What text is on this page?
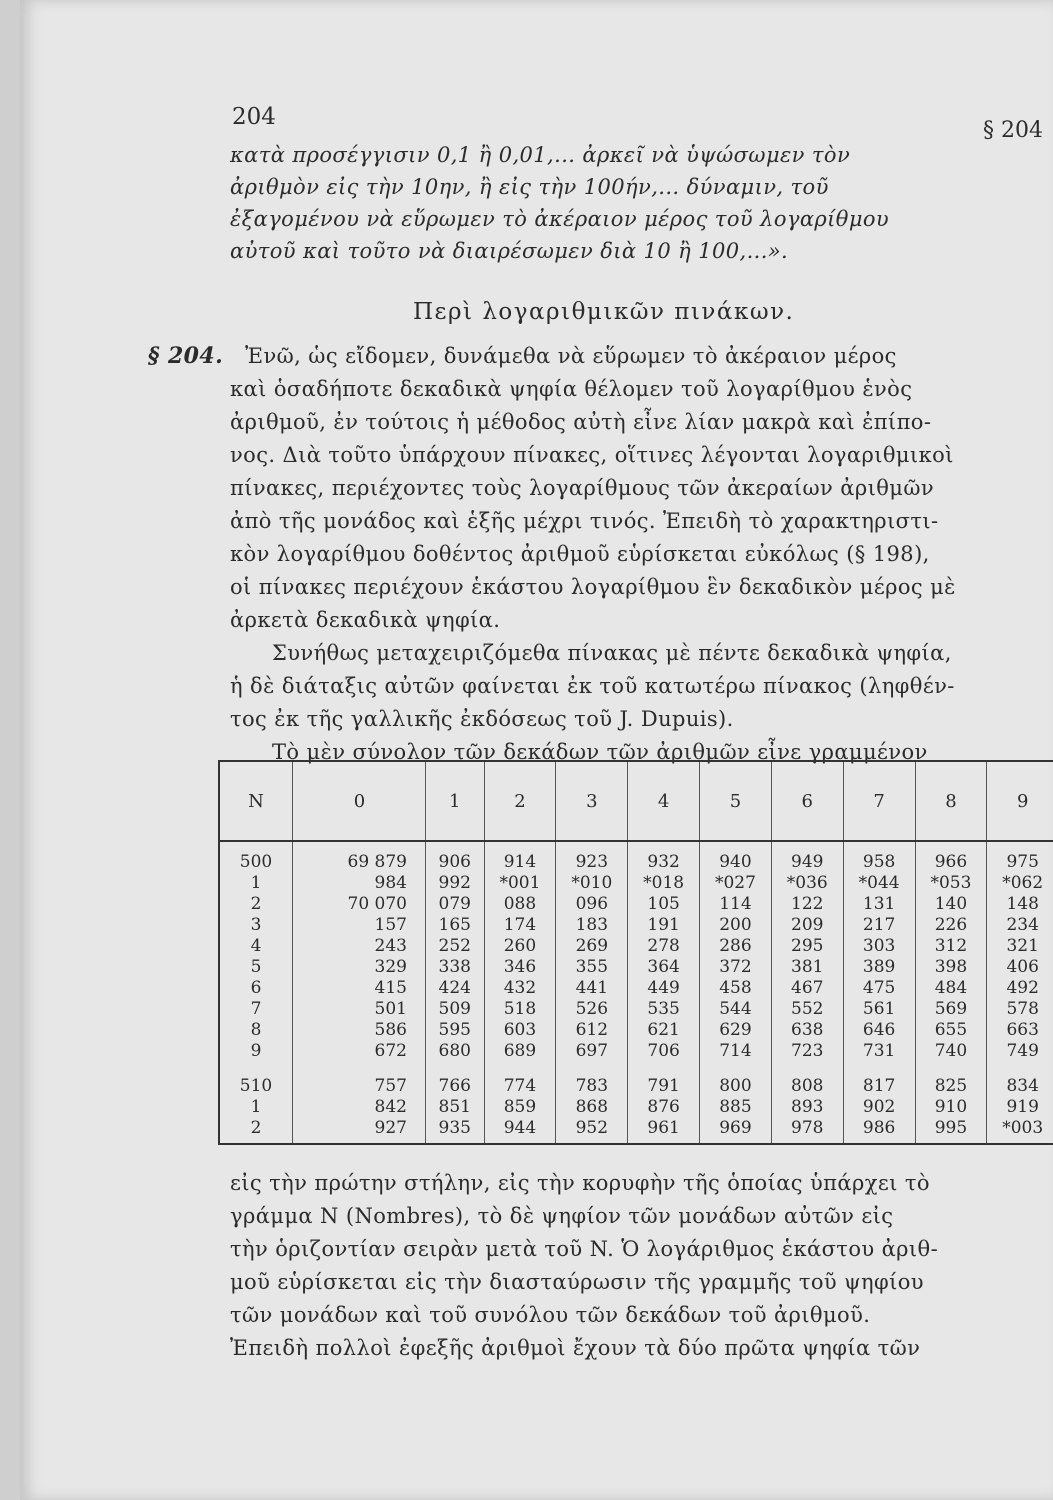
204
§ 204
κατὰ προσέγγισιν 0,1 ἢ 0,01,... ἀρκεῖ νὰ ὑψώσωμεν τὸν
ἀριθμὸν εἰς τὴν 10ην, ἢ εἰς τὴν 100ήν,... δύναμιν, τοῦ
ἐξαγομένου νὰ εὕρωμεν τὸ ἀκέραιον μέρος τοῦ λογαρίθμου
αὐτοῦ καὶ τοῦτο νὰ διαιρέσωμεν διὰ 10 ἢ 100,...».
Περὶ λογαριθμικῶν πινάκων.
§ 204. Ἐνῶ, ὡς εἴδομεν, δυνάμεθα νὰ εὕρωμεν τὸ ἀκέραιον μέρος
καὶ ὁσαδήποτε δεκαδικὰ ψηφία θέλομεν τοῦ λογαρίθμου ἑνὸς
ἀριθμοῦ, ἐν τούτοις ἡ μέθοδος αὐτὴ εἶνε λίαν μακρὰ καὶ ἐπίπο-
νος. Διὰ τοῦτο ὑπάρχουν πίνακες, οἵτινες λέγονται λογαριθμικοὶ
πίνακες, περιέχοντες τοὺς λογαρίθμους τῶν ἀκεραίων ἀριθμῶν
ἀπὸ τῆς μονάδος καὶ ἑξῆς μέχρι τινός. Ἐπειδὴ τὸ χαρακτηριστι-
κὸν λογαρίθμου δοθέντος ἀριθμοῦ εὑρίσκεται εὐκόλως (§ 198),
οἱ πίνακες περιέχουν ἑκάστου λογαρίθμου ἓν δεκαδικὸν μέρος μὲ
ἀρκετὰ δεκαδικὰ ψηφία.
Συνήθως μεταχειριζόμεθα πίνακας μὲ πέντε δεκαδικὰ ψηφία,
ἡ δὲ διάταξις αὐτῶν φαίνεται ἐκ τοῦ κατωτέρω πίνακος (ληφθέν-
τος ἐκ τῆς γαλλικῆς ἐκδόσεως τοῦ J. Dupuis).
Τὸ μὲν σύνολον τῶν δεκάδων τῶν ἀριθμῶν εἶνε γραμμένον
N	0	1	2	3	4	5	6	7	8	9
500	69 879	906	914	923	932	940	949	958	966	975
1	984	992	*001	*010	*018	*027	*036	*044	*053	*062
2	70 070	079	088	096	105	114	122	131	140	148
3	157	165	174	183	191	200	209	217	226	234
4	243	252	260	269	278	286	295	303	312	321
5	329	338	346	355	364	372	381	389	398	406
6	415	424	432	441	449	458	467	475	484	492
7	501	509	518	526	535	544	552	561	569	578
8	586	595	603	612	621	629	638	646	655	663
9	672	680	689	697	706	714	723	731	740	749
510	757	766	774	783	791	800	808	817	825	834
1	842	851	859	868	876	885	893	902	910	919
2	927	935	944	952	961	969	978	986	995	*003
εἰς τὴν πρώτην στήλην, εἰς τὴν κορυφὴν τῆς ὁποίας ὑπάρχει τὸ
γράμμα N (Nombres), τὸ δὲ ψηφίον τῶν μονάδων αὐτῶν εἰς
τὴν ὁριζοντίαν σειρὰν μετὰ τοῦ N. Ὁ λογάριθμος ἑκάστου ἀριθ-
μοῦ εὑρίσκεται εἰς τὴν διασταύρωσιν τῆς γραμμῆς τοῦ ψηφίου
τῶν μονάδων καὶ τοῦ συνόλου τῶν δεκάδων τοῦ ἀριθμοῦ.
Ἐπειδὴ πολλοὶ ἐφεξῆς ἀριθμοὶ ἔχουν τὰ δύο πρῶτα ψηφία τῶν
